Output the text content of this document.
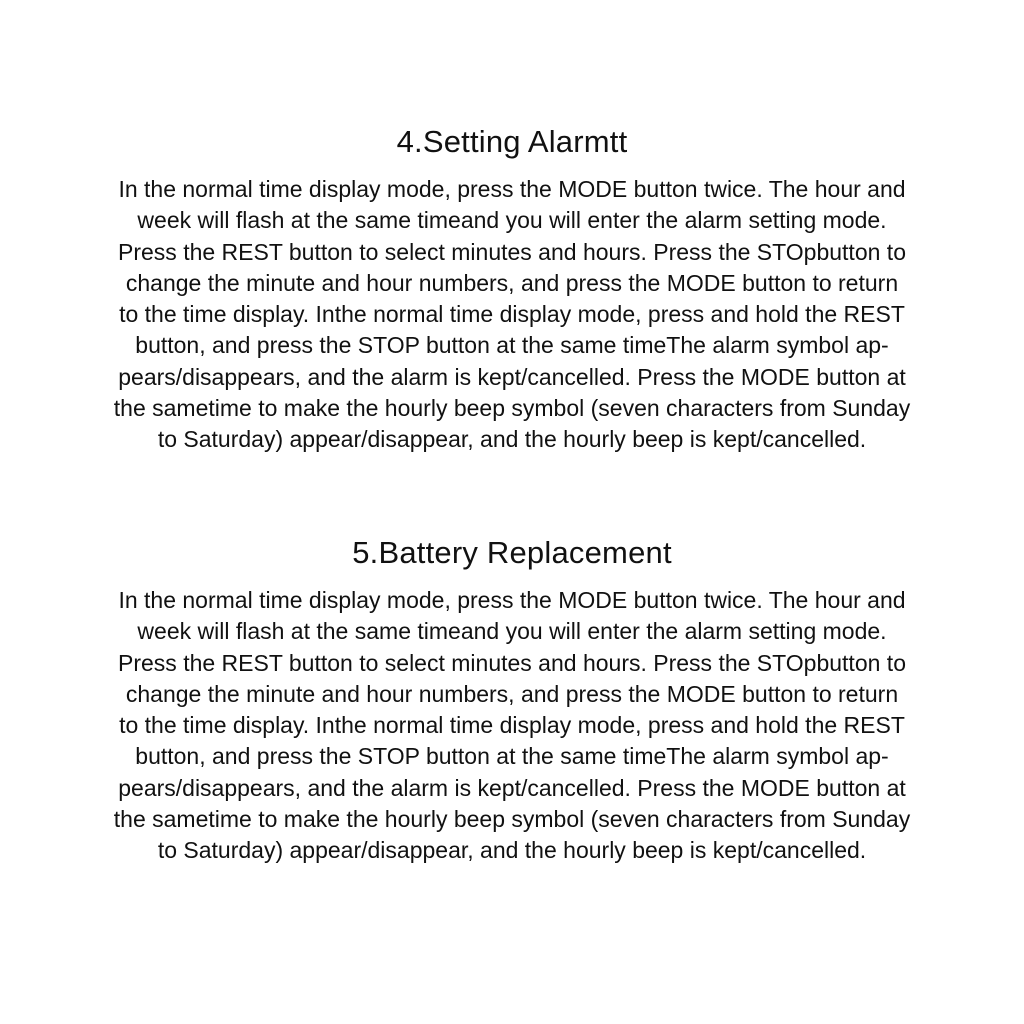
4.Setting Alarmtt

In the normal time display mode, press the MODE button twice. The hour and
week will flash at the same timeand you will enter the alarm setting mode.
Press the REST button to select minutes and hours. Press the STOpbutton to
change the minute and hour numbers, and press the MODE button to return
to the time display. Inthe normal time display mode, press and hold the REST
button, and press the STOP button at the same timeThe alarm symbol ap-
pears/disappears, and the alarm is kept/cancelled. Press the MODE button at
the sametime to make the hourly beep symbol (seven characters from Sunday
to Saturday) appear/disappear, and the hourly beep is kept/cancelled.

5.Battery Replacement

In the normal time display mode, press the MODE button twice. The hour and
week will flash at the same timeand you will enter the alarm setting mode.
Press the REST button to select minutes and hours. Press the STOpbutton to
change the minute and hour numbers, and press the MODE button to return
to the time display. Inthe normal time display mode, press and hold the REST
button, and press the STOP button at the same timeThe alarm symbol ap-
pears/disappears, and the alarm is kept/cancelled. Press the MODE button at
the sametime to make the hourly beep symbol (seven characters from Sunday
to Saturday) appear/disappear, and the hourly beep is kept/cancelled.
